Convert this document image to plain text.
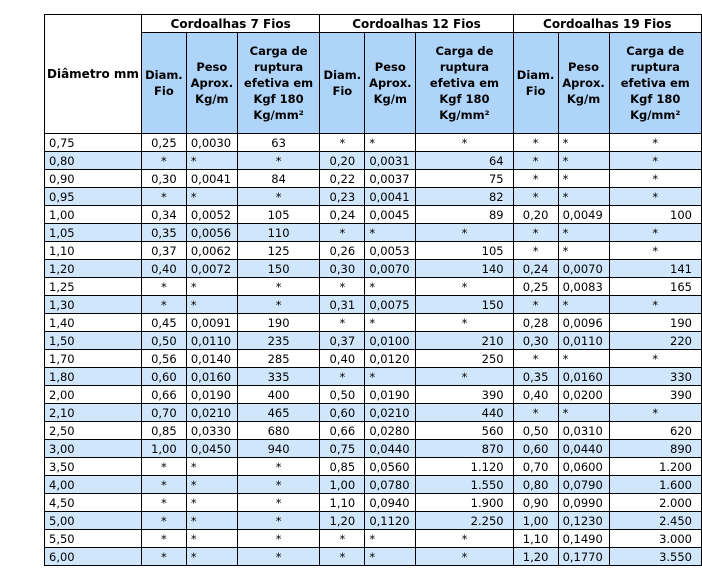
Diâmetro mm	Cordoalhas 7 Fios			Cordoalhas 12 Fios			Cordoalhas 19 Fios		
	Diam. Fio	Peso Aprox. Kg/m	Carga de ruptura efetiva em Kgf 180 Kg/mm²	Diam. Fio	Peso Aprox. Kg/m	Carga de ruptura efetiva em Kgf 180 Kg/mm²	Diam. Fio	Peso Aprox. Kg/m	Carga de ruptura efetiva em Kgf 180 Kg/mm²
0,75	0,25	0,0030	63	*	*	*	*	*	*
0,80	*	*	*	0,20	0,0031	64	*	*	*
0,90	0,30	0,0041	84	0,22	0,0037	75	*	*	*
0,95	*	*	*	0,23	0,0041	82	*	*	*
1,00	0,34	0,0052	105	0,24	0,0045	89	0,20	0,0049	100
1,05	0,35	0,0056	110	*	*	*	*	*	*
1,10	0,37	0,0062	125	0,26	0,0053	105	*	*	*
1,20	0,40	0,0072	150	0,30	0,0070	140	0,24	0,0070	141
1,25	*	*	*	*	*	*	0,25	0,0083	165
1,30	*	*	*	0,31	0,0075	150	*	*	*
1,40	0,45	0,0091	190	*	*	*	0,28	0,0096	190
1,50	0,50	0,0110	235	0,37	0,0100	210	0,30	0,0110	220
1,70	0,56	0,0140	285	0,40	0,0120	250	*	*	*
1,80	0,60	0,0160	335	*	*	*	0,35	0,0160	330
2,00	0,66	0,0190	400	0,50	0,0190	390	0,40	0,0200	390
2,10	0,70	0,0210	465	0,60	0,0210	440	*	*	*
2,50	0,85	0,0330	680	0,66	0,0280	560	0,50	0,0310	620
3,00	1,00	0,0450	940	0,75	0,0440	870	0,60	0,0440	890
3,50	*	*	*	0,85	0,0560	1.120	0,70	0,0600	1.200
4,00	*	*	*	1,00	0,0780	1.550	0,80	0,0790	1.600
4,50	*	*	*	1,10	0,0940	1.900	0,90	0,0990	2.000
5,00	*	*	*	1,20	0,1120	2.250	1,00	0,1230	2.450
5,50	*	*	*	*	*	*	1,10	0,1490	3.000
6,00	*	*	*	*	*	*	1,20	0,1770	3.550
